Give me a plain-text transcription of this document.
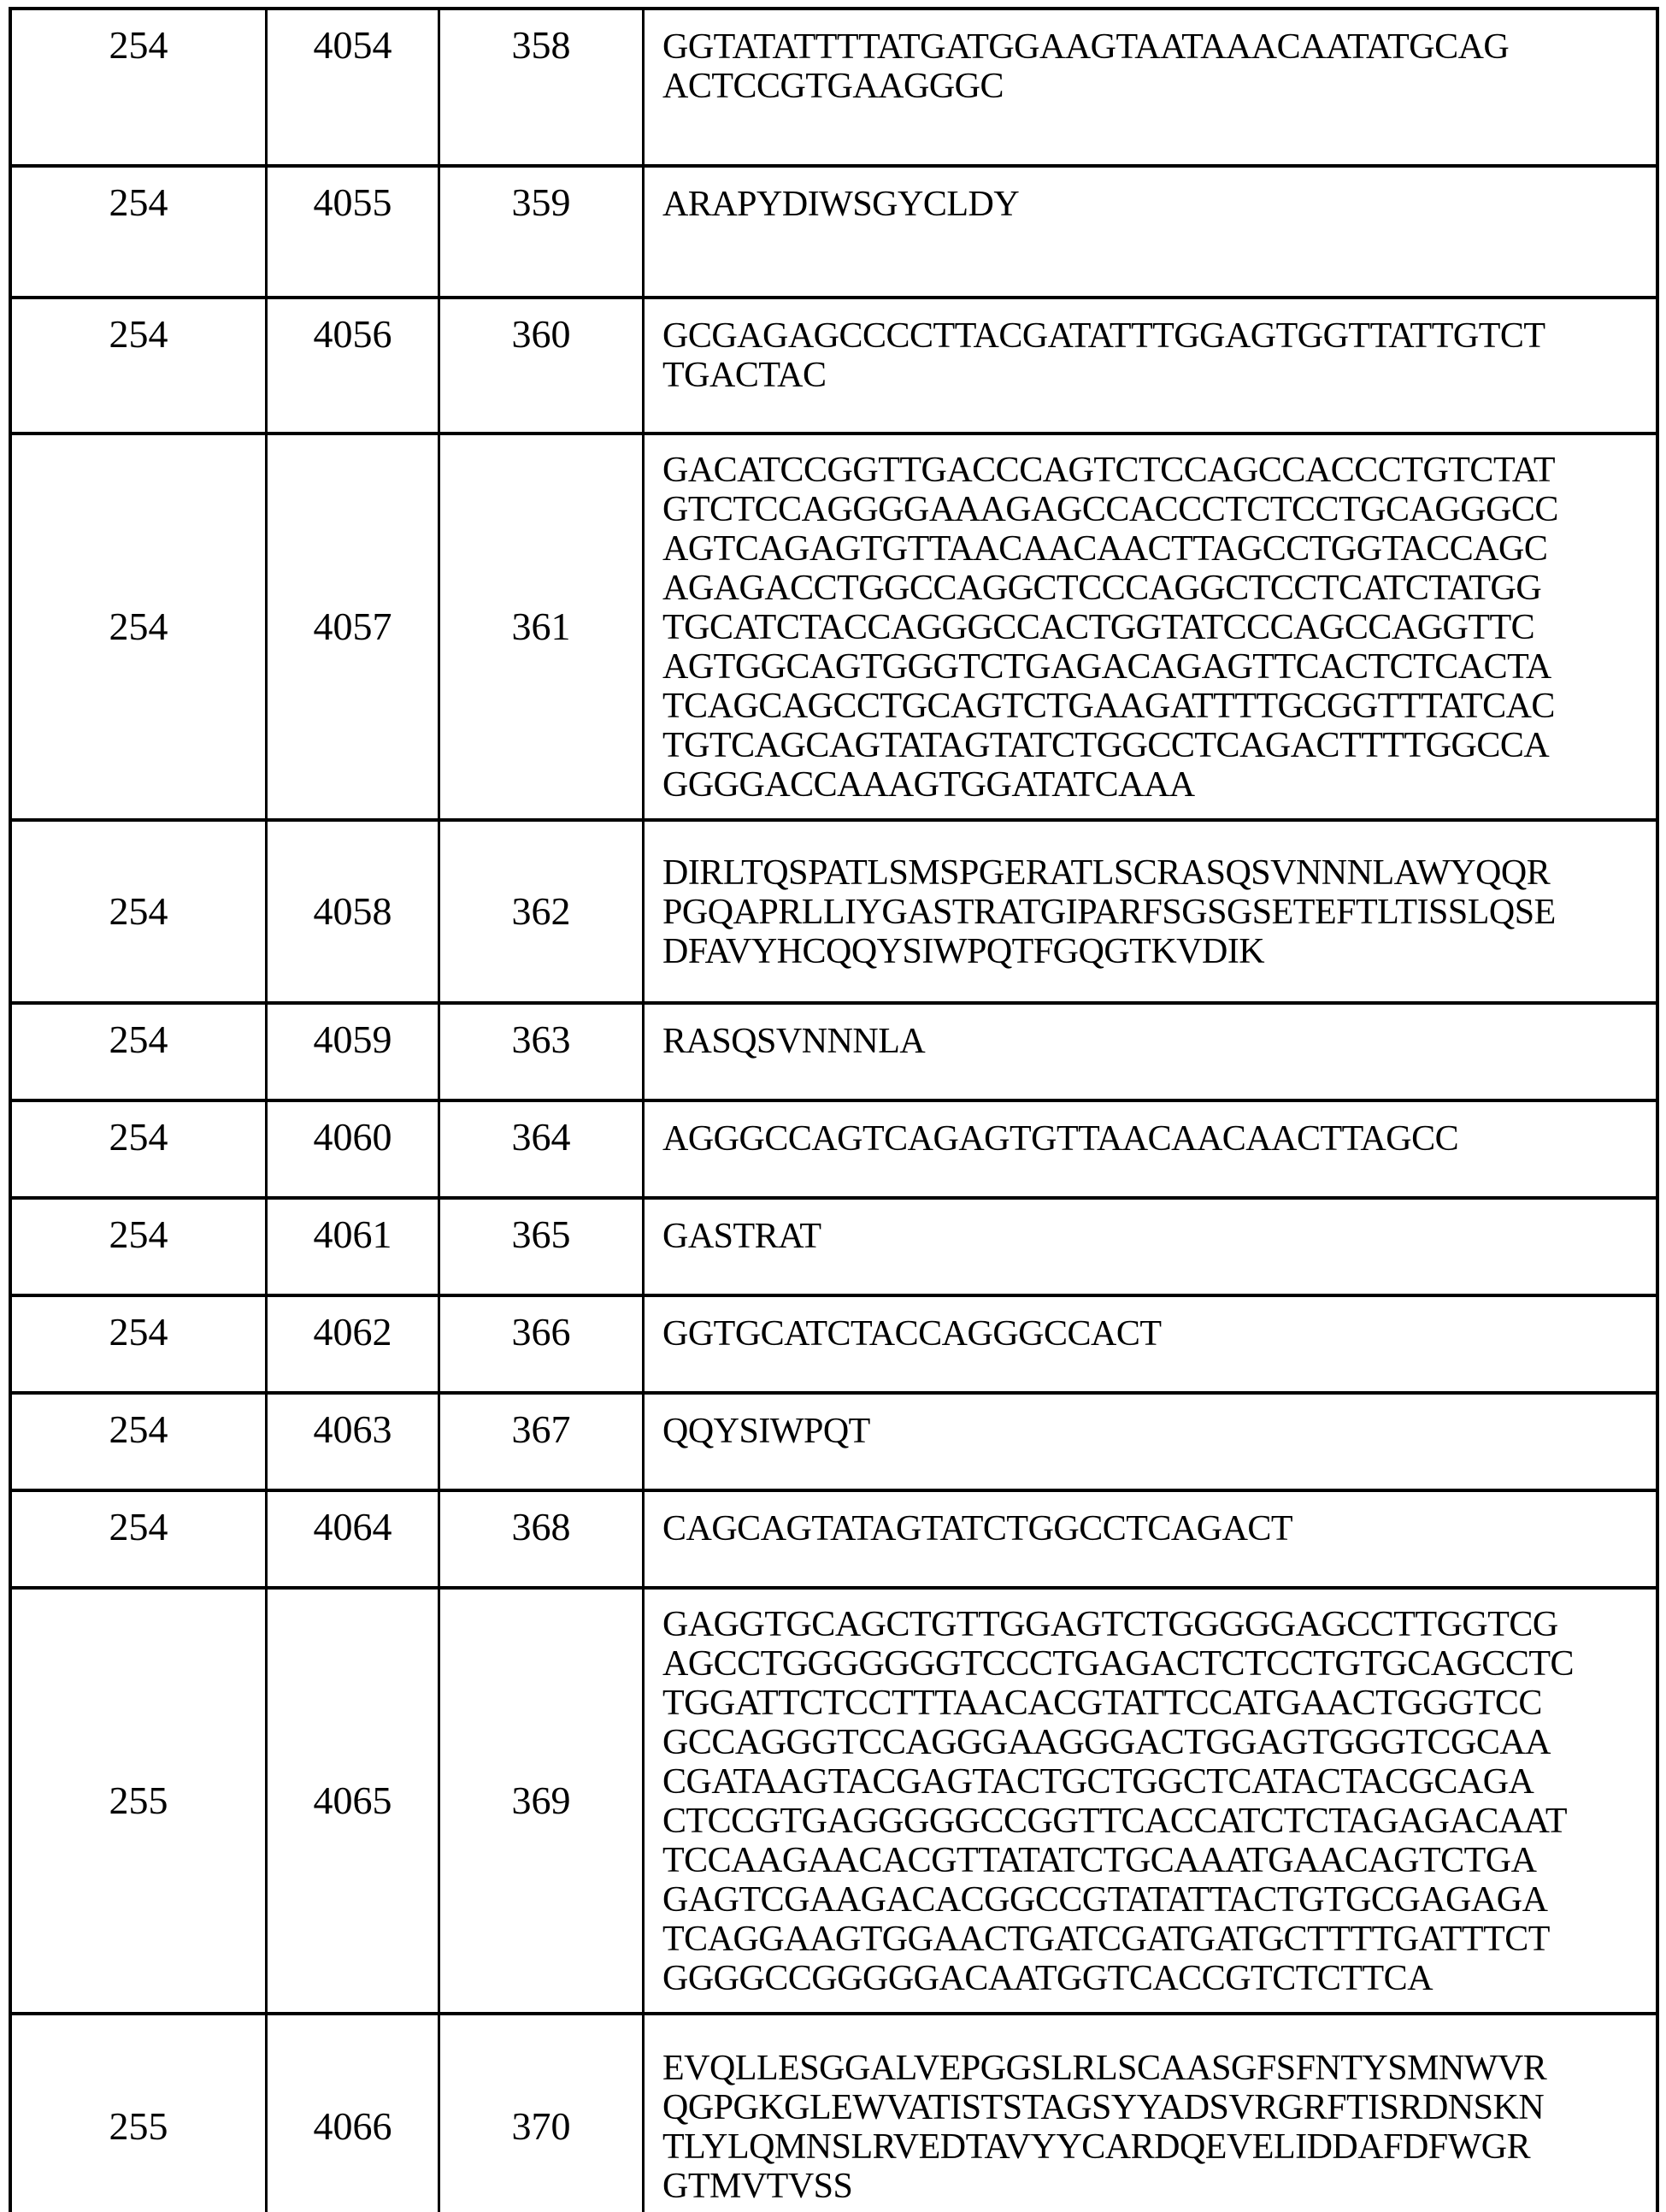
254	4054	358	GGTATATTTTATGATGGAAGTAATAAACAATATGCAG
ACTCCGTGAAGGGC
254	4055	359	ARAPYDIWSGYCLDY
254	4056	360	GCGAGAGCCCCTTACGATATTTGGAGTGGTTATTGTCT
TGACTAC
254	4057	361
GACATCCGGTTGACCCAGTCTCCAGCCACCCTGTCTAT
GTCTCCAGGGGAAAGAGCCACCCTCTCCTGCAGGGCC
AGTCAGAGTGTTAACAACAACTTAGCCTGGTACCAGC
AGAGACCTGGCCAGGCTCCCAGGCTCCTCATCTATGG
TGCATCTACCAGGGCCACTGGTATCCCAGCCAGGTTC
AGTGGCAGTGGGTCTGAGACAGAGTTCACTCTCACTA
TCAGCAGCCTGCAGTCTGAAGATTTTGCGGTTTATCAC
TGTCAGCAGTATAGTATCTGGCCTCAGACTTTTGGCCA
GGGGACCAAAGTGGATATCAAA
254	4058	362
DIRLTQSPATLSMSPGERATLSCRASQSVNNNLAWYQQR
PGQAPRLLIYGASTRATGIPARFSGSGSETEFTLTISSLQSE
DFAVYHCQQYSIWPQTFGQGTKVDIK
254	4059	363	RASQSVNNNLA
254	4060	364	AGGGCCAGTCAGAGTGTTAACAACAACTTAGCC
254	4061	365	GASTRAT
254	4062	366	GGTGCATCTACCAGGGCCACT
254	4063	367	QQYSIWPQT
254	4064	368	CAGCAGTATAGTATCTGGCCTCAGACT
255	4065	369
GAGGTGCAGCTGTTGGAGTCTGGGGGAGCCTTGGTCG
AGCCTGGGGGGGTCCCTGAGACTCTCCTGTGCAGCCTC
TGGATTCTCCTTTAACACGTATTCCATGAACTGGGTCC
GCCAGGGTCCAGGGAAGGGACTGGAGTGGGTCGCAA
CGATAAGTACGAGTACTGCTGGCTCATACTACGCAGA
CTCCGTGAGGGGGCCGGTTCACCATCTCTAGAGACAAT
TCCAAGAACACGTTATATCTGCAAATGAACAGTCTGA
GAGTCGAAGACACGGCCGTATATTACTGTGCGAGAGA
TCAGGAAGTGGAACTGATCGATGATGCTTTTGATTTCT
GGGGCCGGGGGACAATGGTCACCGTCTCTTCA
255	4066	370
EVQLLESGGALVEPGGSLRLSCAASGFSFNTYSMNWVR
QGPGKGLEWVATISTSTAGSYYADSVRGRFTISRDNSKN
TLYLQMNSLRVEDTAVYYCARDQEVELIDDAFDFWGR
GTMVTVSS
